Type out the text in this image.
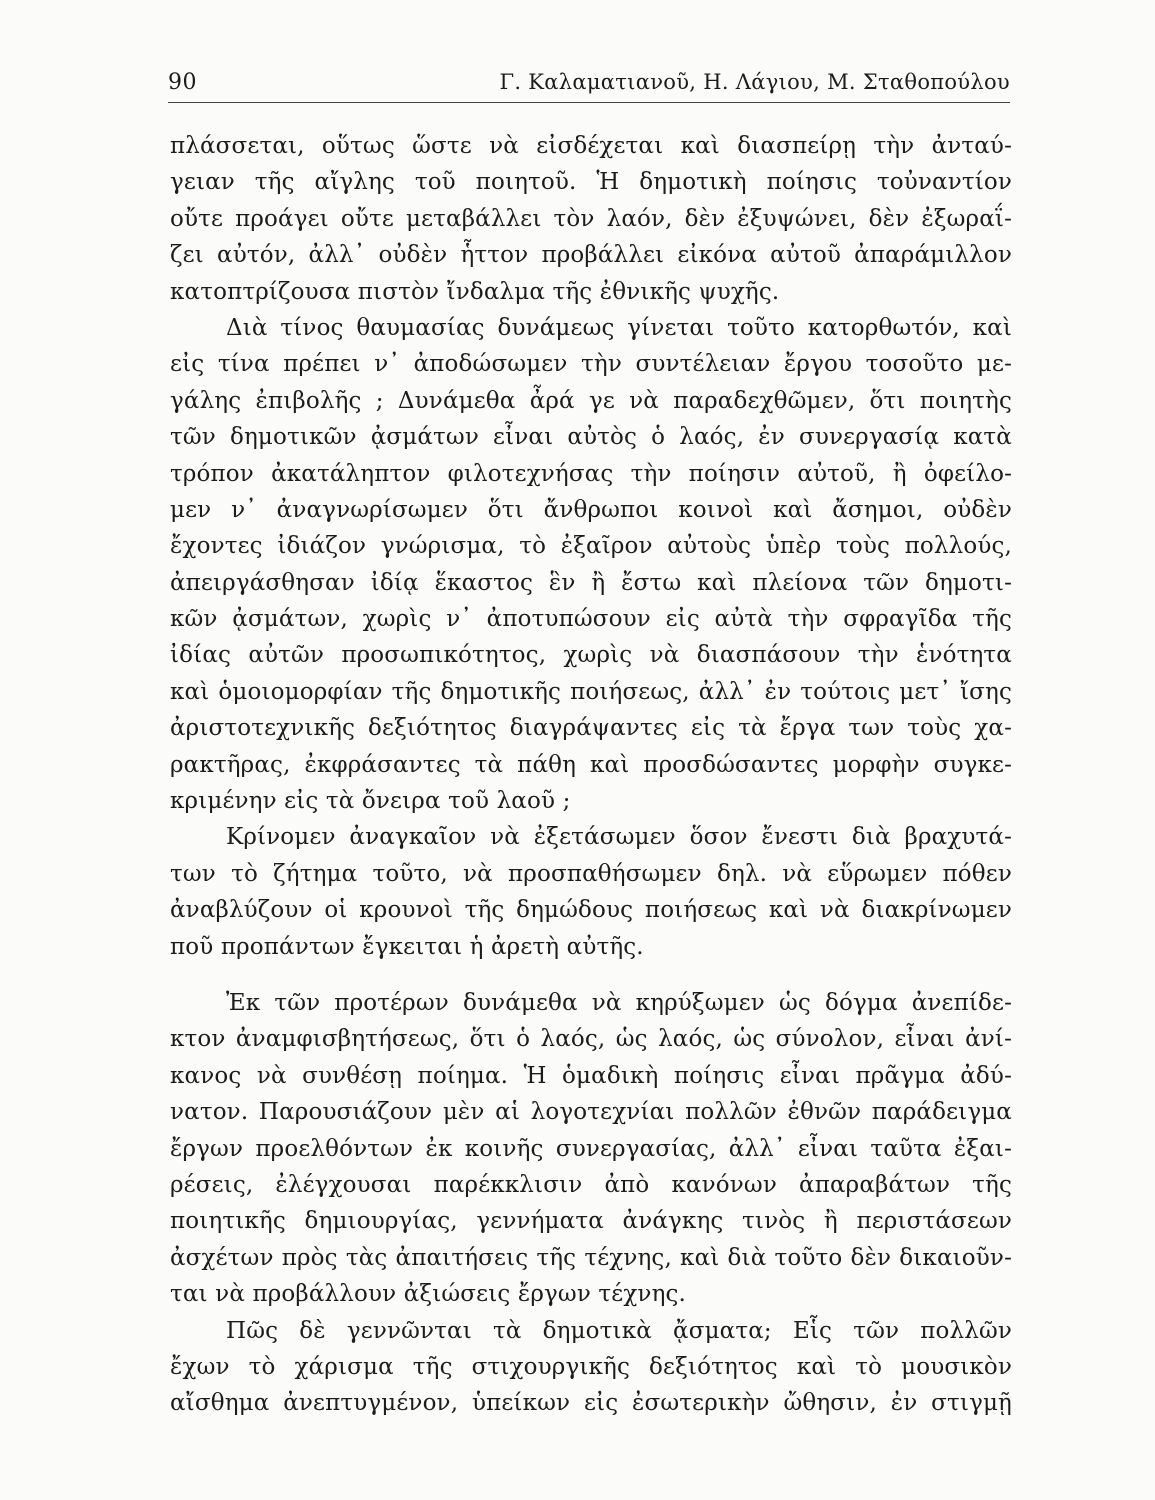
90	Γ. Καλαματιανοῦ, Η. Λάγιου, Μ. Σταθοπούλου
πλάσσεται, οὕτως ὥστε νὰ εἰσδέχεται καὶ διασπείρῃ τὴν ἀνταύ-
γειαν τῆς αἴγλης τοῦ ποιητοῦ. Ἡ δημοτικὴ ποίησις τοὐναντίον
οὔτε προάγει οὔτε μεταβάλλει τὸν λαόν, δὲν ἐξυψώνει, δὲν ἐξωραΐ-
ζει αὐτόν, ἀλλ᾿ οὐδὲν ἧττον προβάλλει εἰκόνα αὐτοῦ ἀπαράμιλλον
κατοπτρίζουσα πιστὸν ἴνδαλμα τῆς ἐθνικῆς ψυχῆς.
Διὰ τίνος θαυμασίας δυνάμεως γίνεται τοῦτο κατορθωτόν, καὶ
εἰς τίνα πρέπει ν᾿ ἀποδώσωμεν τὴν συντέλειαν ἔργου τοσοῦτο με-
γάλης ἐπιβολῆς ; Δυνάμεθα ἆρά γε νὰ παραδεχθῶμεν, ὅτι ποιητὴς
τῶν δημοτικῶν ᾀσμάτων εἶναι αὐτὸς ὁ λαός, ἐν συνεργασίᾳ κατὰ
τρόπον ἀκατάληπτον φιλοτεχνήσας τὴν ποίησιν αὐτοῦ, ἢ ὀφείλο-
μεν ν᾿ ἀναγνωρίσωμεν ὅτι ἄνθρωποι κοινοὶ καὶ ἄσημοι, οὐδὲν
ἔχοντες ἰδιάζον γνώρισμα, τὸ ἐξαῖρον αὐτοὺς ὑπὲρ τοὺς πολλούς,
ἀπειργάσθησαν ἰδίᾳ ἕκαστος ἓν ἢ ἔστω καὶ πλείονα τῶν δημοτι-
κῶν ᾀσμάτων, χωρὶς ν᾿ ἀποτυπώσουν εἰς αὐτὰ τὴν σφραγῖδα τῆς
ἰδίας αὐτῶν προσωπικότητος, χωρὶς νὰ διασπάσουν τὴν ἑνότητα
καὶ ὁμοιομορφίαν τῆς δημοτικῆς ποιήσεως, ἀλλ᾿ ἐν τούτοις μετ᾿ ἴσης
ἀριστοτεχνικῆς δεξιότητος διαγράψαντες εἰς τὰ ἔργα των τοὺς χα-
ρακτῆρας, ἐκφράσαντες τὰ πάθη καὶ προσδώσαντες μορφὴν συγκε-
κριμένην εἰς τὰ ὄνειρα τοῦ λαοῦ ;
Κρίνομεν ἀναγκαῖον νὰ ἐξετάσωμεν ὅσον ἔνεστι διὰ βραχυτά-
των τὸ ζήτημα τοῦτο, νὰ προσπαθήσωμεν δηλ. νὰ εὕρωμεν πόθεν
ἀναβλύζουν οἱ κρουνοὶ τῆς δημώδους ποιήσεως καὶ νὰ διακρίνωμεν
ποῦ προπάντων ἔγκειται ἡ ἀρετὴ αὐτῆς.
Ἐκ τῶν προτέρων δυνάμεθα νὰ κηρύξωμεν ὡς δόγμα ἀνεπίδε-
κτον ἀναμφισβητήσεως, ὅτι ὁ λαός, ὡς λαός, ὡς σύνολον, εἶναι ἀνί-
κανος νὰ συνθέσῃ ποίημα. Ἡ ὁμαδικὴ ποίησις εἶναι πρᾶγμα ἀδύ-
νατον. Παρουσιάζουν μὲν αἱ λογοτεχνίαι πολλῶν ἐθνῶν παράδειγμα
ἔργων προελθόντων ἐκ κοινῆς συνεργασίας, ἀλλ᾿ εἶναι ταῦτα ἐξαι-
ρέσεις, ἐλέγχουσαι παρέκκλισιν ἀπὸ κανόνων ἀπαραβάτων τῆς
ποιητικῆς δημιουργίας, γεννήματα ἀνάγκης τινὸς ἢ περιστάσεων
ἀσχέτων πρὸς τὰς ἀπαιτήσεις τῆς τέχνης, καὶ διὰ τοῦτο δὲν δικαιοῦν-
ται νὰ προβάλλουν ἀξιώσεις ἔργων τέχνης.
Πῶς δὲ γεννῶνται τὰ δημοτικὰ ᾄσματα; Εἷς τῶν πολλῶν
ἔχων τὸ χάρισμα τῆς στιχουργικῆς δεξιότητος καὶ τὸ μουσικὸν
αἴσθημα ἀνεπτυγμένον, ὑπείκων εἰς ἐσωτερικὴν ὤθησιν, ἐν στιγμῇ
